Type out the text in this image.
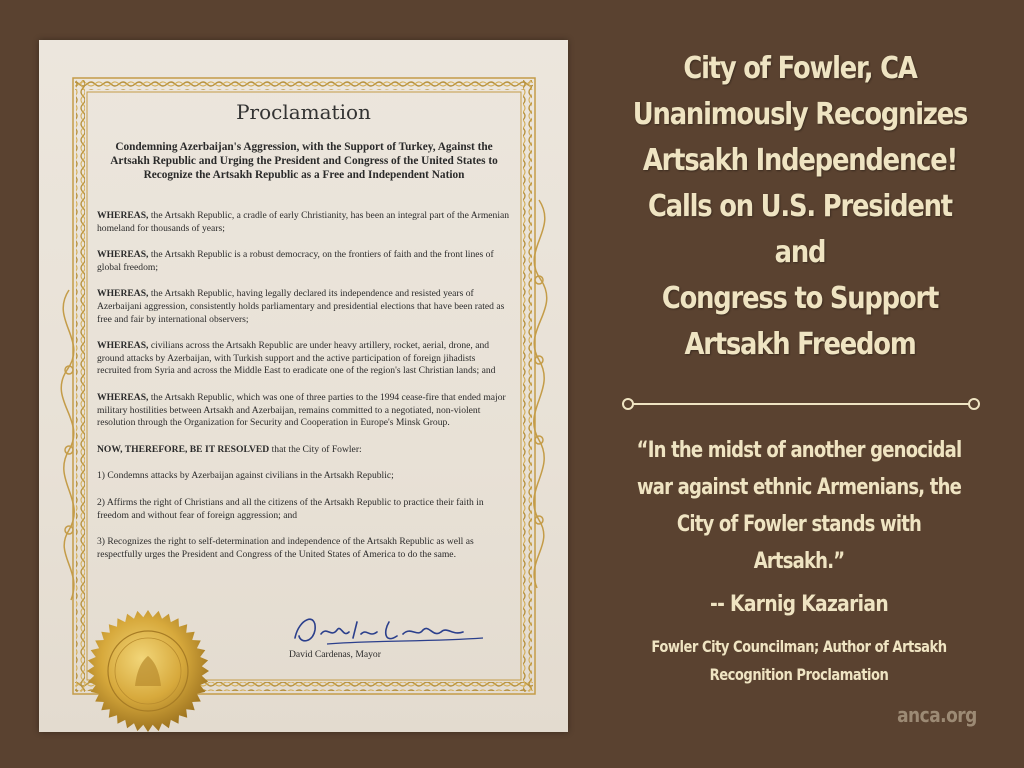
Proclamation
Condemning Azerbaijan's Aggression, with the Support of Turkey, Against the Artsakh Republic and Urging the President and Congress of the United States to Recognize the Artsakh Republic as a Free and Independent Nation

WHEREAS, the Artsakh Republic, a cradle of early Christianity, has been an integral part of the Armenian homeland for thousands of years;

WHEREAS, the Artsakh Republic is a robust democracy, on the frontiers of faith and the front lines of global freedom;

WHEREAS, the Artsakh Republic, having legally declared its independence and resisted years of Azerbaijani aggression, consistently holds parliamentary and presidential elections that have been rated as free and fair by international observers;

WHEREAS, civilians across the Artsakh Republic are under heavy artillery, rocket, aerial, drone, and ground attacks by Azerbaijan, with Turkish support and the active participation of foreign jihadists recruited from Syria and across the Middle East to eradicate one of the region's last Christian lands; and

WHEREAS, the Artsakh Republic, which was one of three parties to the 1994 cease-fire that ended major military hostilities between Artsakh and Azerbaijan, remains committed to a negotiated, non-violent resolution through the Organization for Security and Cooperation in Europe's Minsk Group.

NOW, THEREFORE, BE IT RESOLVED that the City of Fowler:

1) Condemns attacks by Azerbaijan against civilians in the Artsakh Republic;

2) Affirms the right of Christians and all the citizens of the Artsakh Republic to practice their faith in freedom and without fear of foreign aggression; and

3) Recognizes the right to self-determination and independence of the Artsakh Republic as well as respectfully urges the President and Congress of the United States of America to do the same.

David Cardenas, Mayor
City of Fowler, CA
Unanimously Recognizes
Artsakh Independence!
Calls on U.S. President and
Congress to Support
Artsakh Freedom
“In the midst of another genocidal
war against ethnic Armenians, the
City of Fowler stands with Artsakh.”
-- Karnig Kazarian
Fowler City Councilman; Author of Artsakh
Recognition Proclamation
anca.org
